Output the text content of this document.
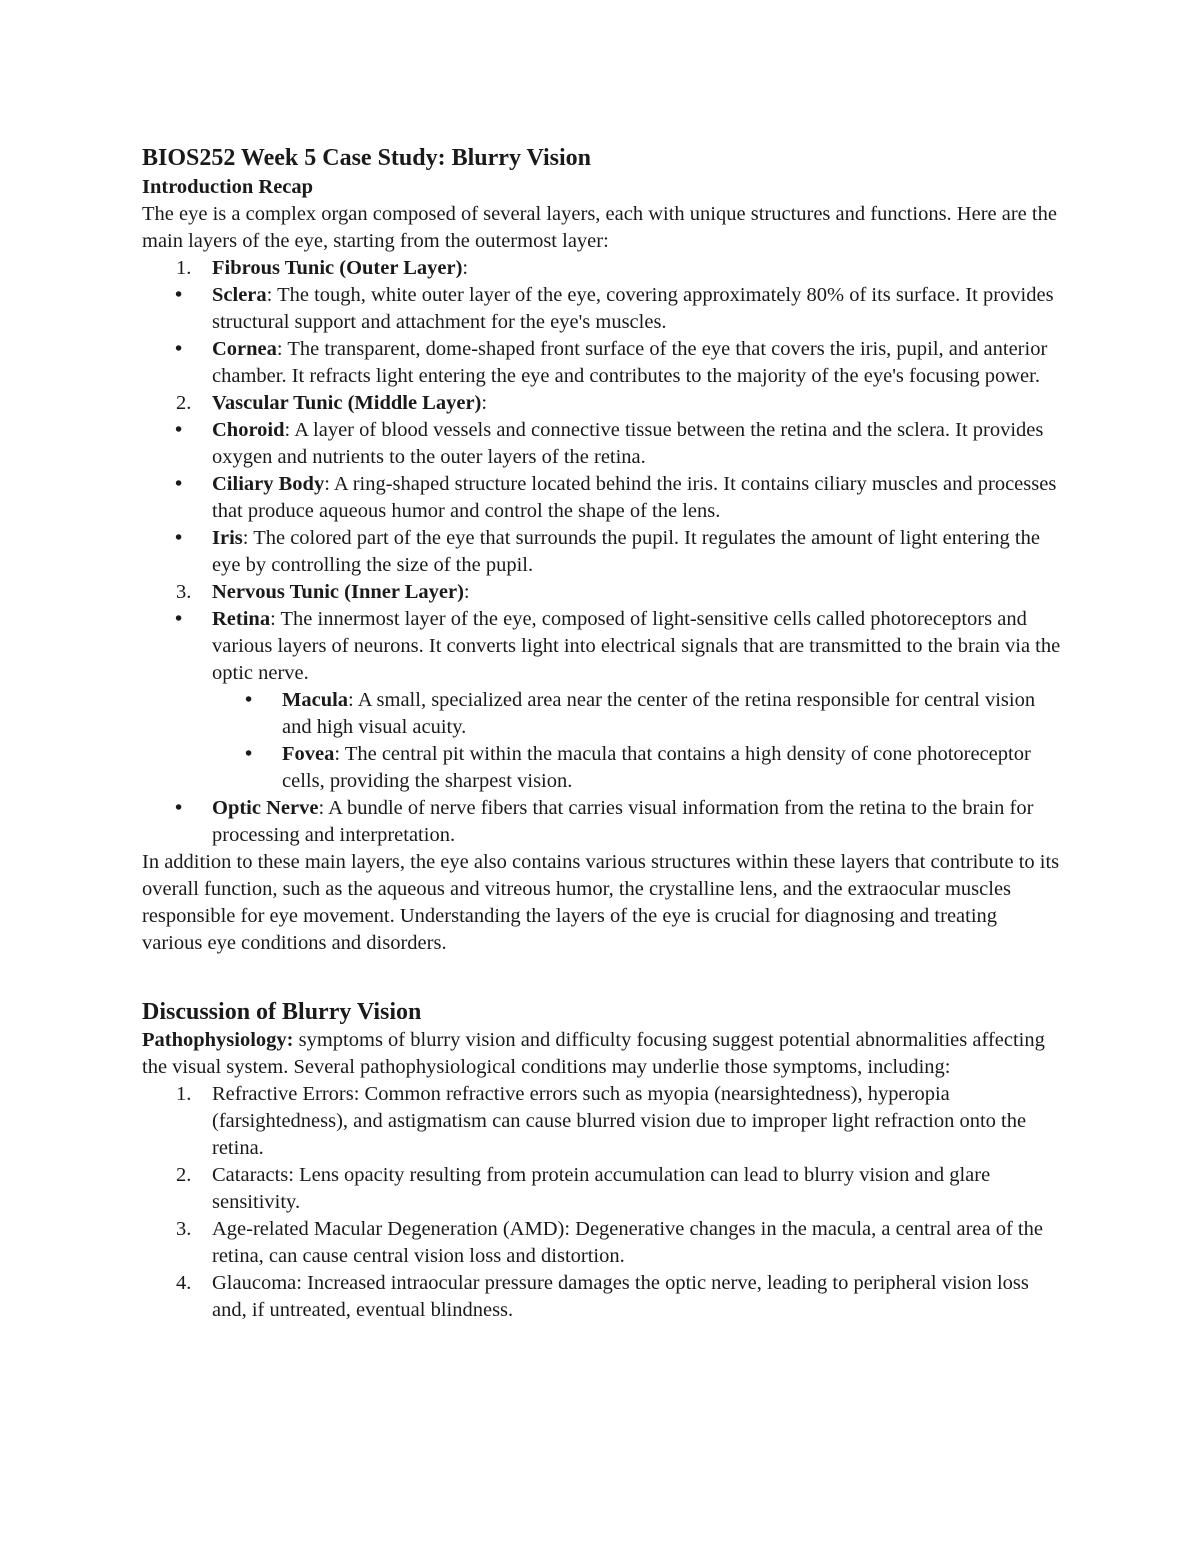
BIOS252 Week 5 Case Study: Blurry Vision

Introduction Recap

The eye is a complex organ composed of several layers, each with unique structures and functions. Here are the main layers of the eye, starting from the outermost layer:

1. Fibrous Tunic (Outer Layer):
• Sclera: The tough, white outer layer of the eye, covering approximately 80% of its surface. It provides structural support and attachment for the eye's muscles.
• Cornea: The transparent, dome-shaped front surface of the eye that covers the iris, pupil, and anterior chamber. It refracts light entering the eye and contributes to the majority of the eye's focusing power.
2. Vascular Tunic (Middle Layer):
• Choroid: A layer of blood vessels and connective tissue between the retina and the sclera. It provides oxygen and nutrients to the outer layers of the retina.
• Ciliary Body: A ring-shaped structure located behind the iris. It contains ciliary muscles and processes that produce aqueous humor and control the shape of the lens.
• Iris: The colored part of the eye that surrounds the pupil. It regulates the amount of light entering the eye by controlling the size of the pupil.
3. Nervous Tunic (Inner Layer):
• Retina: The innermost layer of the eye, composed of light-sensitive cells called photoreceptors and various layers of neurons. It converts light into electrical signals that are transmitted to the brain via the optic nerve.
• Macula: A small, specialized area near the center of the retina responsible for central vision and high visual acuity.
• Fovea: The central pit within the macula that contains a high density of cone photoreceptor cells, providing the sharpest vision.
• Optic Nerve: A bundle of nerve fibers that carries visual information from the retina to the brain for processing and interpretation.

In addition to these main layers, the eye also contains various structures within these layers that contribute to its overall function, such as the aqueous and vitreous humor, the crystalline lens, and the extraocular muscles responsible for eye movement. Understanding the layers of the eye is crucial for diagnosing and treating various eye conditions and disorders.

Discussion of Blurry Vision

Pathophysiology: symptoms of blurry vision and difficulty focusing suggest potential abnormalities affecting the visual system. Several pathophysiological conditions may underlie those symptoms, including:

1. Refractive Errors: Common refractive errors such as myopia (nearsightedness), hyperopia (farsightedness), and astigmatism can cause blurred vision due to improper light refraction onto the retina.
2. Cataracts: Lens opacity resulting from protein accumulation can lead to blurry vision and glare sensitivity.
3. Age-related Macular Degeneration (AMD): Degenerative changes in the macula, a central area of the retina, can cause central vision loss and distortion.
4. Glaucoma: Increased intraocular pressure damages the optic nerve, leading to peripheral vision loss and, if untreated, eventual blindness.
